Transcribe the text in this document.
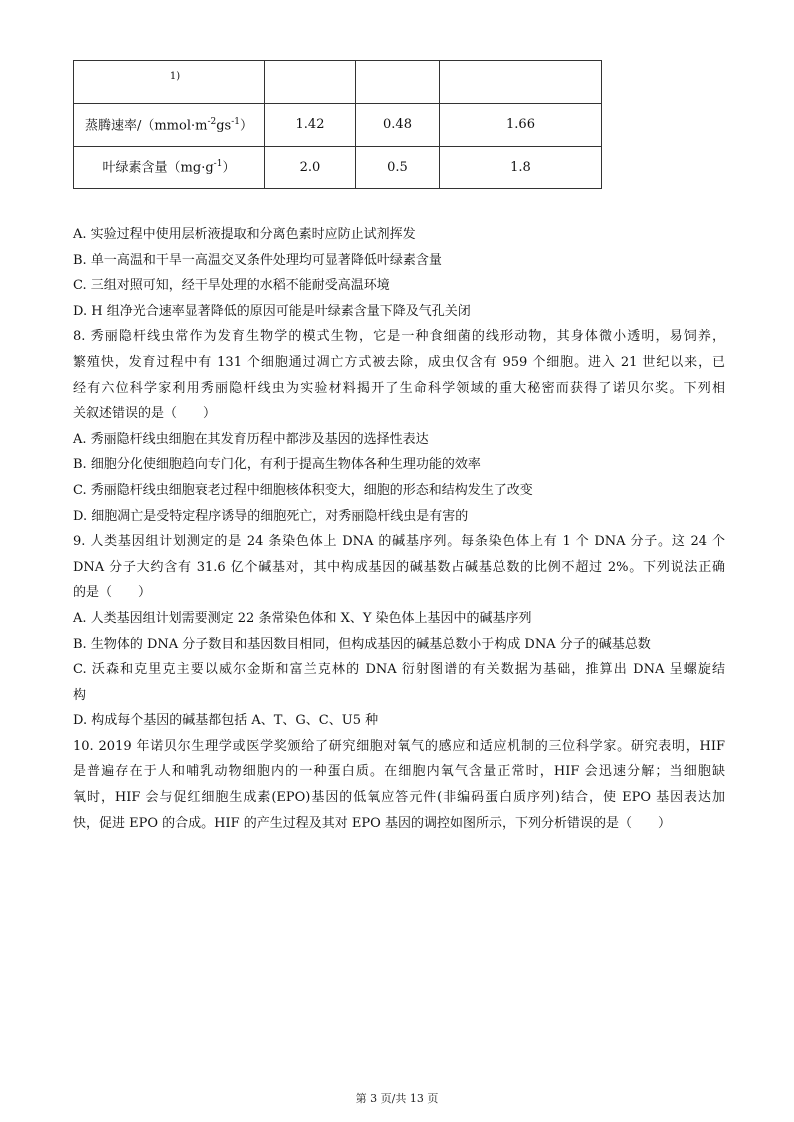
$^{1)}$			
蒸腾速率$/(mmol\cdot m^{-2}gs^{-1})$	1.42	0.48	1.66
叶绿素含量$(mg\cdot g^{-1})$	2.0	0.5	1.8
A. 实验过程中使用层析液提取和分离色素时应防止试剂挥发
B. 单一高温和干旱一高温交叉条件处理均可显著降低叶绿素含量
C. 三组对照可知，经干旱处理的水稻不能耐受高温环境
D. H 组净光合速率显著降低的原因可能是叶绿素含量下降及气孔关闭
8. 秀丽隐杆线虫常作为发育生物学的模式生物，它是一种食细菌的线形动物，其身体微小透明，易饲养，
繁殖快，发育过程中有 131 个细胞通过凋亡方式被去除，成虫仅含有 959 个细胞。进入 21 世纪以来，已
经有六位科学家利用秀丽隐杆线虫为实验材料揭开了生命科学领域的重大秘密而获得了诺贝尔奖。下列相
关叙述错误的是（　　）
A. 秀丽隐杆线虫细胞在其发育历程中都涉及基因的选择性表达
B. 细胞分化使细胞趋向专门化，有利于提高生物体各种生理功能的效率
C. 秀丽隐杆线虫细胞衰老过程中细胞核体积变大，细胞的形态和结构发生了改变
D. 细胞凋亡是受特定程序诱导的细胞死亡，对秀丽隐杆线虫是有害的
9. 人类基因组计划测定的是 24 条染色体上 DNA 的碱基序列。每条染色体上有 1 个 DNA 分子。这 24 个
DNA 分子大约含有 31.6 亿个碱基对，其中构成基因的碱基数占碱基总数的比例不超过 2%。下列说法正确
的是（　　）
A. 人类基因组计划需要测定 22 条常染色体和 X、Y 染色体上基因中的碱基序列
B. 生物体的 DNA 分子数目和基因数目相同，但构成基因的碱基总数小于构成 DNA 分子的碱基总数
C. 沃森和克里克主要以威尔金斯和富兰克林的 DNA 衍射图谱的有关数据为基础，推算出 DNA 呈螺旋结
构
D. 构成每个基因的碱基都包括 A、T、G、C、U5 种
10. 2019 年诺贝尔生理学或医学奖颁给了研究细胞对氧气的感应和适应机制的三位科学家。研究表明，HIF
是普遍存在于人和哺乳动物细胞内的一种蛋白质。在细胞内氧气含量正常时，HIF 会迅速分解；当细胞缺
氧时，HIF 会与促红细胞生成素(EPO)基因的低氧应答元件(非编码蛋白质序列)结合，使 EPO 基因表达加
快，促进 EPO 的合成。HIF 的产生过程及其对 EPO 基因的调控如图所示，下列分析错误的是（　　）
第 3 页/共 13 页
